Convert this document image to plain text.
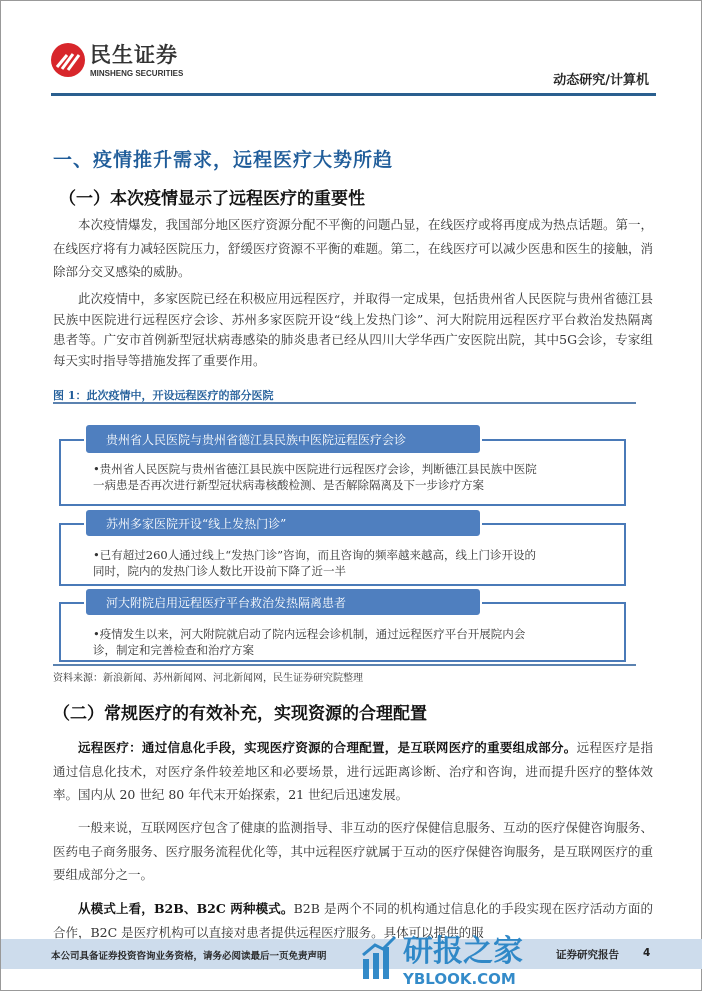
民生证券
MINSHENG SECURITIES	动态研究/计算机
一、疫情推升需求，远程医疗大势所趋
（一）本次疫情显示了远程医疗的重要性

本次疫情爆发，我国部分地区医疗资源分配不平衡的问题凸显，在线医疗或将再度成为热点话题。第一，在线医疗将有力减轻医院压力，舒缓医疗资源不平衡的难题。第二，在线医疗可以减少医患和医生的接触，消除部分交叉感染的威胁。

此次疫情中，多家医院已经在积极应用远程医疗，并取得一定成果，包括贵州省人民医院与贵州省德江县民族中医院进行远程医疗会诊、苏州多家医院开设“线上发热门诊”、河大附院用远程医疗平台救治发热隔离患者等。广安市首例新型冠状病毒感染的肺炎患者已经从四川大学华西广安医院出院，其中5G会诊，专家组每天实时指导等措施发挥了重要作用。

图 1：此次疫情中，开设远程医疗的部分医院
贵州省人民医院与贵州省德江县民族中医院远程医疗会诊
•贵州省人民医院与贵州省德江县民族中医院进行远程医疗会诊，判断德江县民族中医院一病患是否再次进行新型冠状病毒核酸检测、是否解除隔离及下一步诊疗方案
苏州多家医院开设“线上发热门诊”
•已有超过260人通过线上“发热门诊”咨询，而且咨询的频率越来越高，线上门诊开设的同时，院内的发热门诊人数比开设前下降了近一半
河大附院启用远程医疗平台救治发热隔离患者
•疫情发生以来，河大附院就启动了院内远程会诊机制，通过远程医疗平台开展院内会诊，制定和完善检查和治疗方案
资料来源：新浪新闻、苏州新闻网、河北新闻网，民生证券研究院整理
（二）常规医疗的有效补充，实现资源的合理配置

远程医疗：通过信息化手段，实现医疗资源的合理配置，是互联网医疗的重要组成部分。远程医疗是指通过信息化技术，对医疗条件较差地区和必要场景，进行远距离诊断、治疗和咨询，进而提升医疗的整体效率。国内从 20 世纪 80 年代末开始探索，21 世纪后迅速发展。

一般来说，互联网医疗包含了健康的监测指导、非互动的医疗保健信息服务、互动的医疗保健咨询服务、医药电子商务服务、医疗服务流程优化等，其中远程医疗就属于互动的医疗保健咨询服务，是互联网医疗的重要组成部分之一。

从模式上看，B2B、B2C 两种模式。B2B 是两个不同的机构通过信息化的手段实现在医疗活动方面的合作，B2C 是医疗机构可以直接对患者提供远程医疗服务。具体可以提供的服

研报之家
YBLOOK.COM
本公司具备证券投资咨询业务资格，请务必阅读最后一页免责声明	证券研究报告 4
